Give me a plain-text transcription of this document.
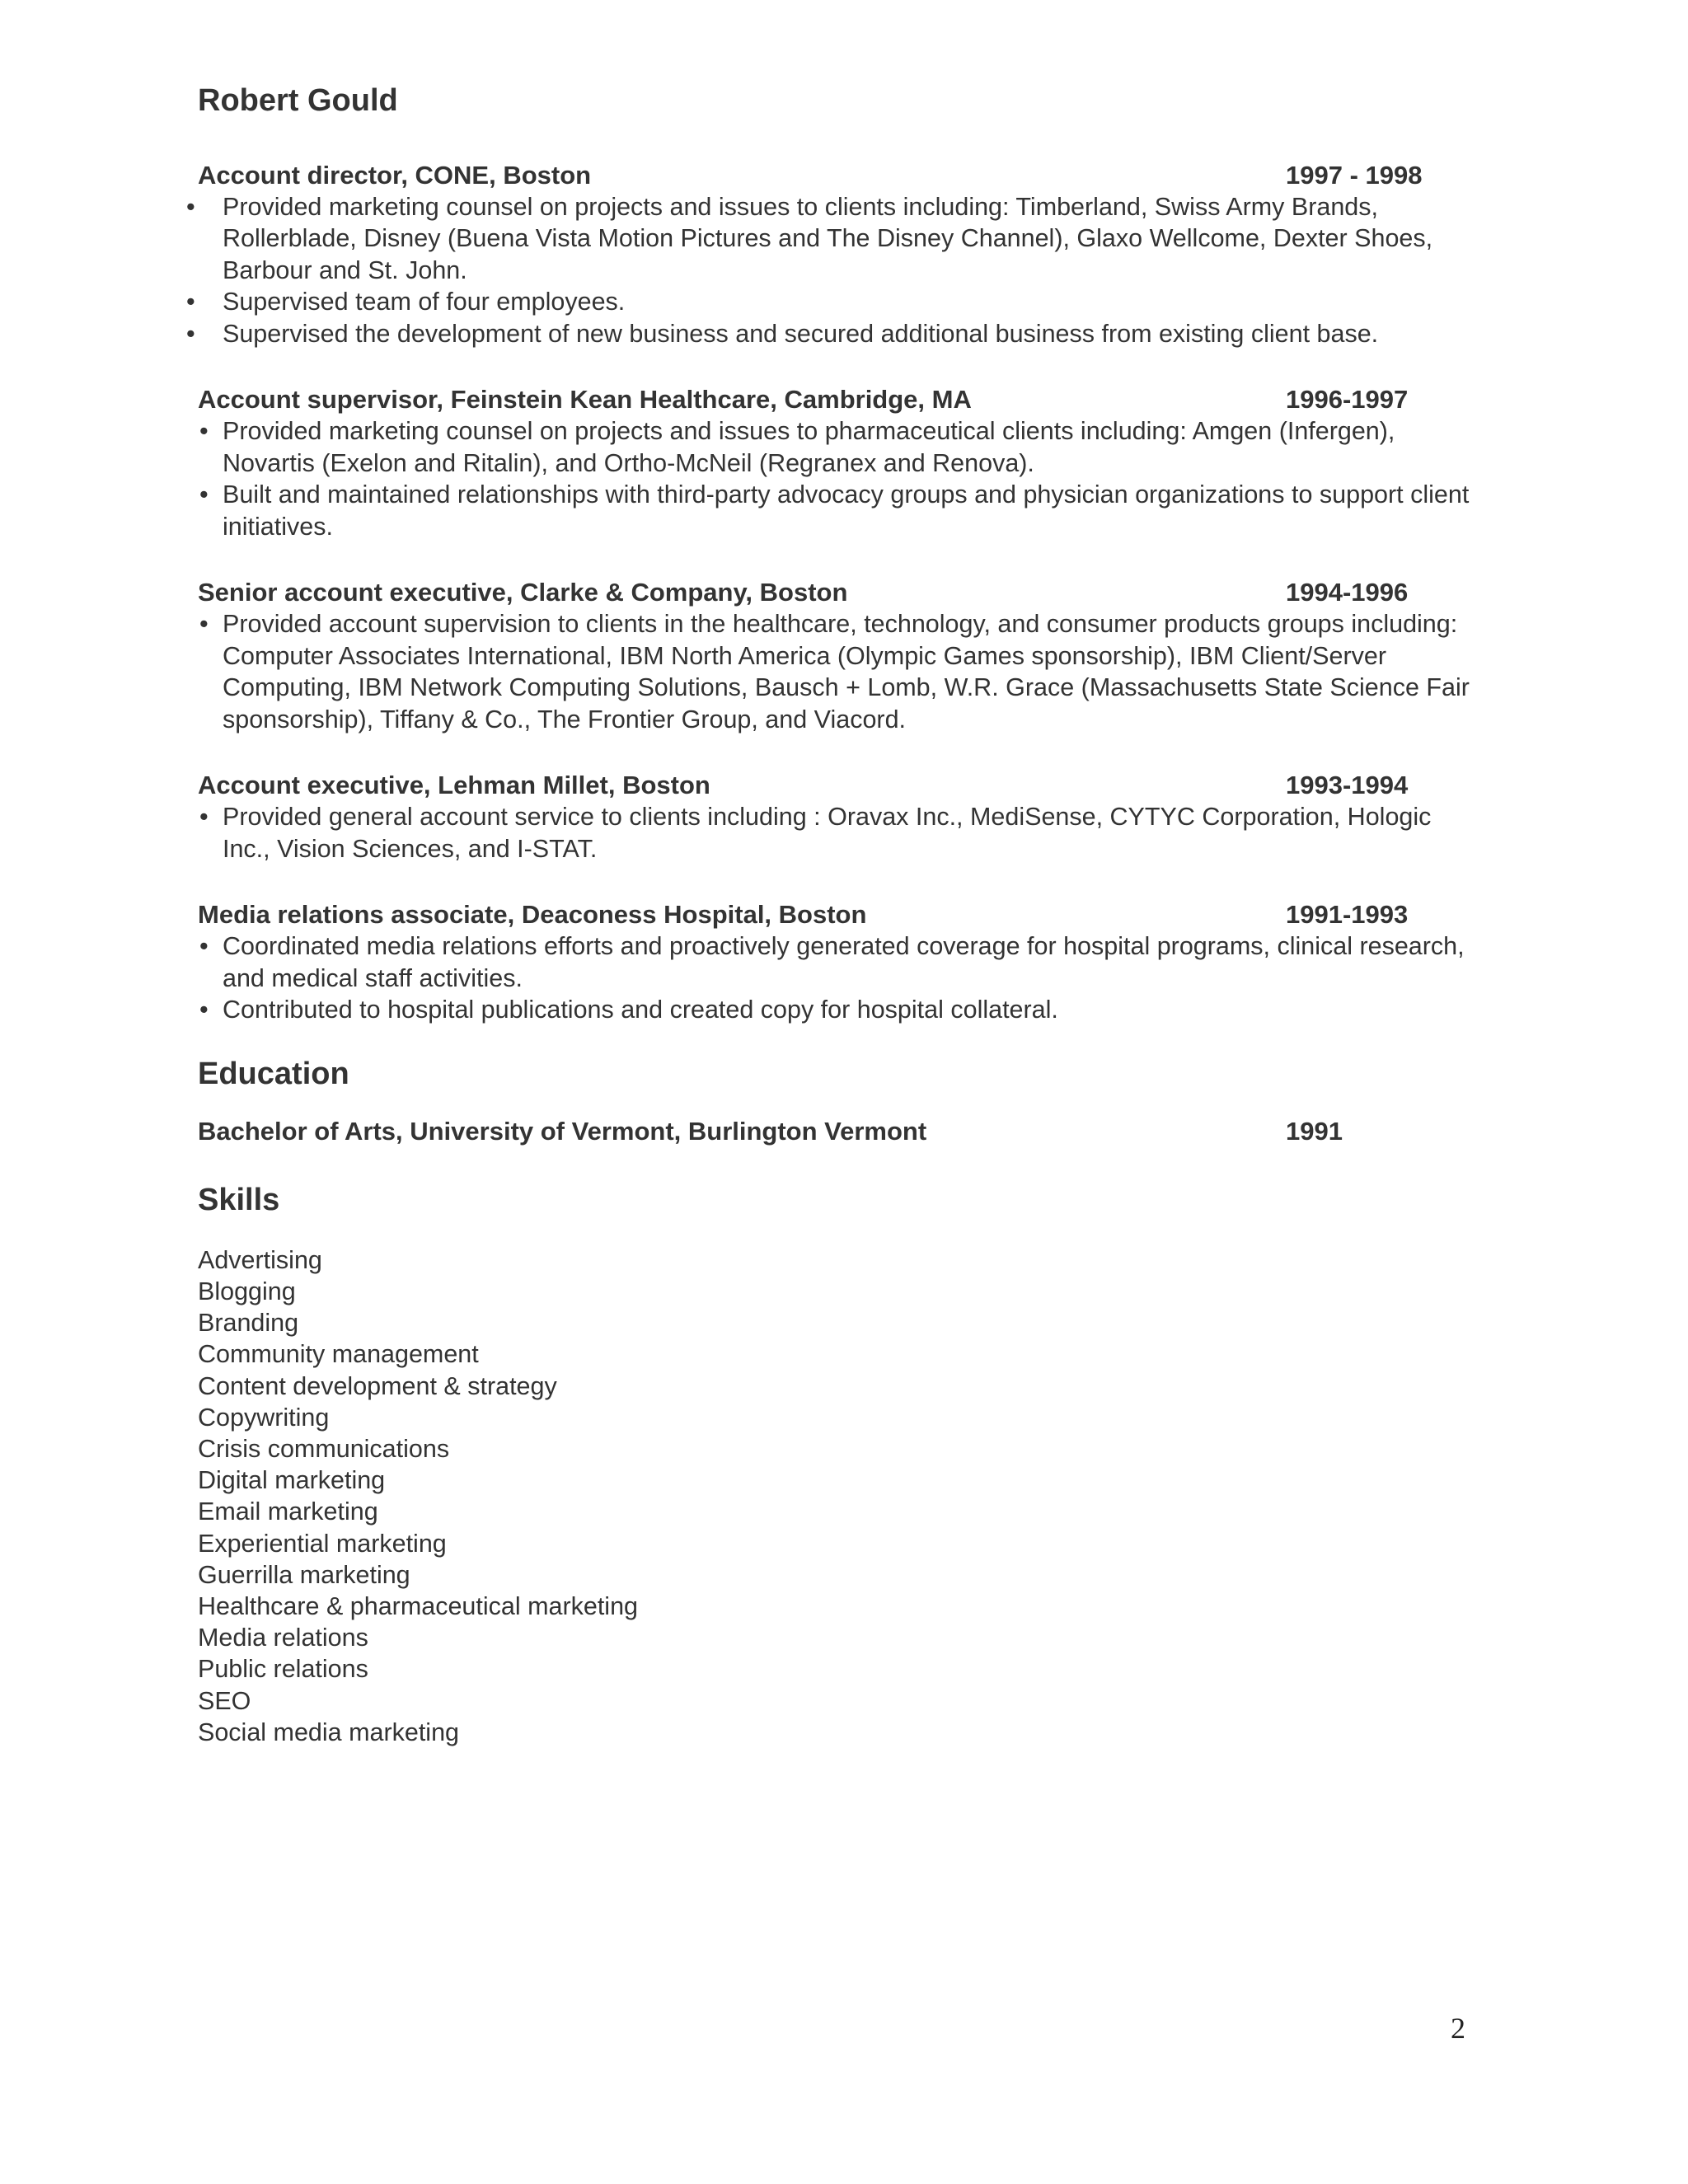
Robert Gould
Account director, CONE, Boston	1997 - 1998
• Provided marketing counsel on projects and issues to clients including: Timberland, Swiss Army Brands, Rollerblade, Disney (Buena Vista Motion Pictures and The Disney Channel), Glaxo Wellcome, Dexter Shoes, Barbour and St. John.
• Supervised team of four employees.
• Supervised the development of new business and secured additional business from existing client base.
Account supervisor, Feinstein Kean Healthcare, Cambridge, MA	1996-1997
• Provided marketing counsel on projects and issues to pharmaceutical clients including: Amgen (Infergen), Novartis (Exelon and Ritalin), and Ortho-McNeil (Regranex and Renova).
• Built and maintained relationships with third-party advocacy groups and physician organizations to support client initiatives.
Senior account executive, Clarke & Company, Boston	1994-1996
• Provided account supervision to clients in the healthcare, technology, and consumer products groups including: Computer Associates International, IBM North America (Olympic Games sponsorship), IBM Client/Server Computing, IBM Network Computing Solutions, Bausch + Lomb, W.R. Grace (Massachusetts State Science Fair sponsorship), Tiffany & Co., The Frontier Group, and Viacord.
Account executive, Lehman Millet, Boston	1993-1994
• Provided general account service to clients including : Oravax Inc., MediSense, CYTYC Corporation, Hologic Inc., Vision Sciences, and I-STAT.
Media relations associate, Deaconess Hospital, Boston	1991-1993
• Coordinated media relations efforts and proactively generated coverage for hospital programs, clinical research, and medical staff activities.
• Contributed to hospital publications and created copy for hospital collateral.
Education
Bachelor of Arts, University of Vermont, Burlington Vermont	1991
Skills
Advertising
Blogging
Branding
Community management
Content development & strategy
Copywriting
Crisis communications
Digital marketing
Email marketing
Experiential marketing
Guerrilla marketing
Healthcare & pharmaceutical marketing
Media relations
Public relations
SEO
Social media marketing
2
